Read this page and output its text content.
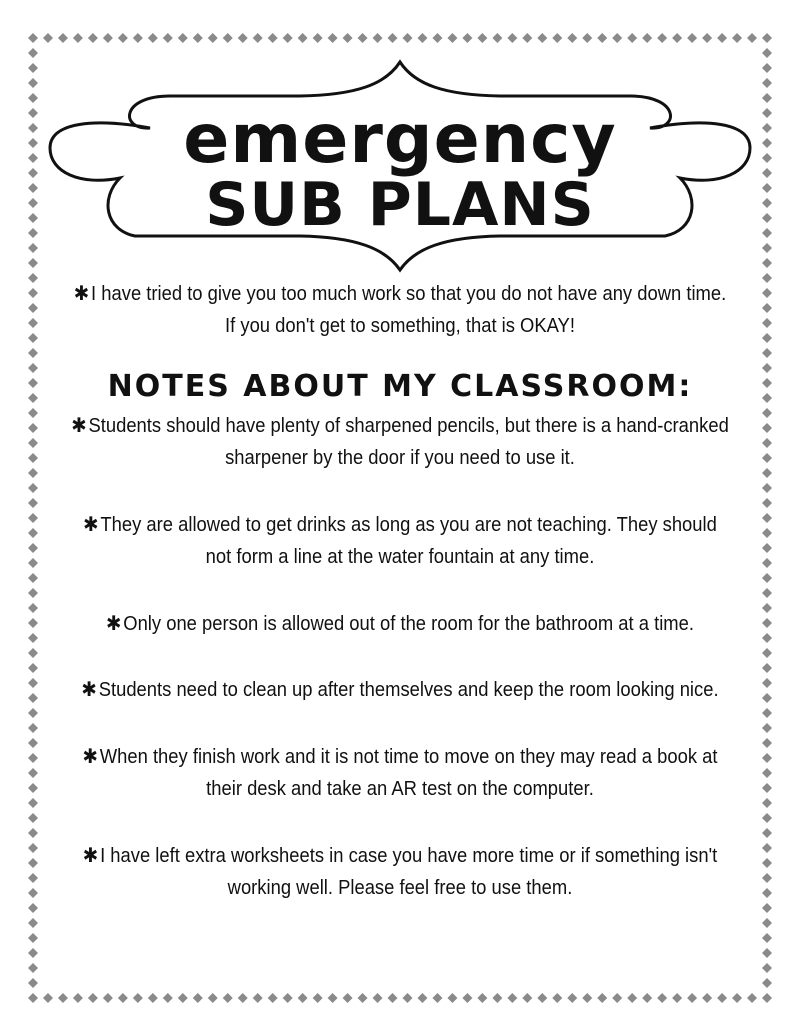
emergency
SUB PLANS

✱I have tried to give you too much work so that you do not have any down time.
If you don't get to something, that is OKAY!

NOTES ABOUT MY CLASSROOM:

✱Students should have plenty of sharpened pencils, but there is a hand-cranked
sharpener by the door if you need to use it.

✱They are allowed to get drinks as long as you are not teaching. They should
not form a line at the water fountain at any time.

✱Only one person is allowed out of the room for the bathroom at a time.

✱Students need to clean up after themselves and keep the room looking nice.

✱When they finish work and it is not time to move on they may read a book at
their desk and take an AR test on the computer.

✱I have left extra worksheets in case you have more time or if something isn't
working well. Please feel free to use them.
